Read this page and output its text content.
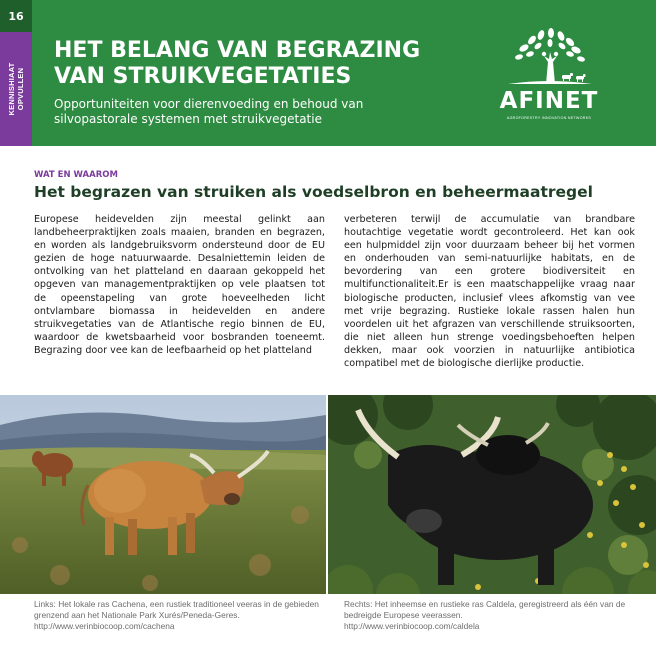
16
KENNISHIAAT
OPVULLEN
HET BELANG VAN BEGRAZING VAN STRUIKVEGETATIES
Opportuniteiten voor dierenvoeding en behoud van silvopastorale systemen met struikvegetatie
AFINET
AGROFORESTRY INNOVATION NETWORKS
WAT EN WAAROM
Het begrazen van struiken als voedselbron en beheermaatregel

Europese heidevelden zijn meestal gelinkt aan landbeheerpraktijken zoals maaien, branden en begrazen, en worden als landgebruiksvorm ondersteund door de EU gezien de hoge natuurwaarde. Desalniettemin leiden de ontvolking van het platteland en daaraan gekoppeld het opgeven van managementpraktijken op vele plaatsen tot de opeenstapeling van grote hoeveelheden licht ontvlambare biomassa in heidevelden en andere struikvegetaties van de Atlantische regio binnen de EU, waardoor de kwetsbaarheid voor bosbranden toeneemt. Begrazing door vee kan de leefbaarheid op het platteland

verbeteren terwijl de accumulatie van brandbare houtachtige vegetatie wordt gecontroleerd. Het kan ook een hulpmiddel zijn voor duurzaam beheer bij het vormen en onderhouden van semi-natuurlijke habitats, en de bevordering van een grotere biodiversiteit en multifunctionaliteit.Er is een maatschappelijke vraag naar biologische producten, inclusief vlees afkomstig van vee met vrije begrazing. Rustieke lokale rassen halen hun voordelen uit het afgrazen van verschillende struiksoorten, die niet alleen hun strenge voedingsbehoeften helpen dekken, maar ook voorzien in natuurlijke antibiotica compatibel met de biologische dierlijke productie.

Links: Het lokale ras Cachena, een rustiek traditioneel veeras in de gebieden grenzend aan het Nationale Park Xurés/Peneda-Geres.
http://www.verinbiocoop.com/cachena
Rechts: Het inheemse en rustieke ras Caldela, geregistreerd als één van de bedreigde Europese veerassen.
http://www.verinbiocoop.com/caldela
